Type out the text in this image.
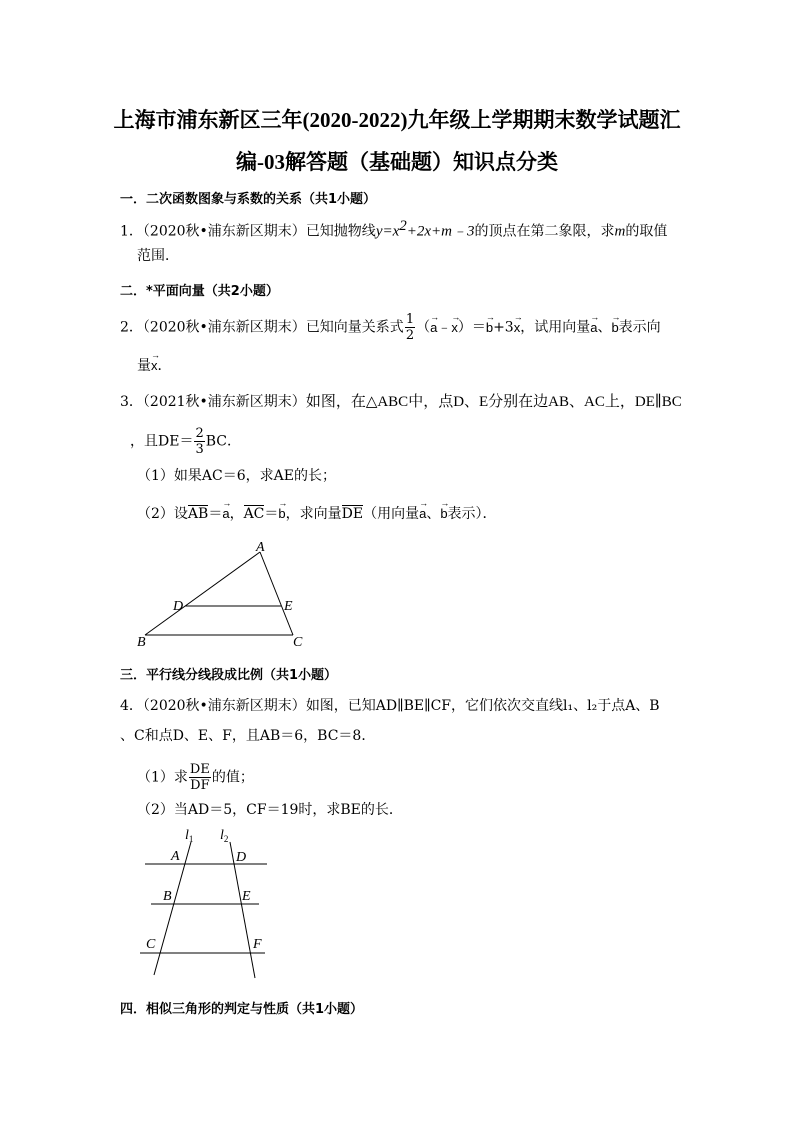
上海市浦东新区三年(2020-2022)九年级上学期期末数学试题汇
编-03解答题（基础题）知识点分类
一．二次函数图象与系数的关系（共1小题）
1．（2020秋•浦东新区期末）已知抛物线$y=x^2+2x+m﹣3$的顶点在第二象限，求m的取值
范围．
二．*平面向量（共2小题）
2．（2020秋•浦东新区期末）已知向量关系式 $\frac{1}{2} (a$ →﹣x →）＝b →+3x →，试用向量a →、b →表示向
量x →．
3．（2021秋•浦东新区期末）如图，在△ABC中，点D、E分别在边AB、AC上，DE∥BC
，且$DE= \frac{2}{3}$ BC．
（1）如果AC＝6，求AE的长；
（2）设AB＝a →，AC＝b →，求向量DE（用向量a →、b →表示）．
A
B	C
D	E
三．平行线分线段成比例（共1小题）
4．（2020秋•浦东新区期末）如图，已知AD∥BE∥CF，它们依次交直线l₁、l₂于点A、B
、C和点D、E、F，且AB＝6，BC＝8．
（1）求 $\frac{DE}{DF}$ 的值；
（2）当AD＝5，CF＝19时，求BE的长．
$l_1$ $l_2$
A
B
C
D
E
F
四．相似三角形的判定与性质（共1小题）
